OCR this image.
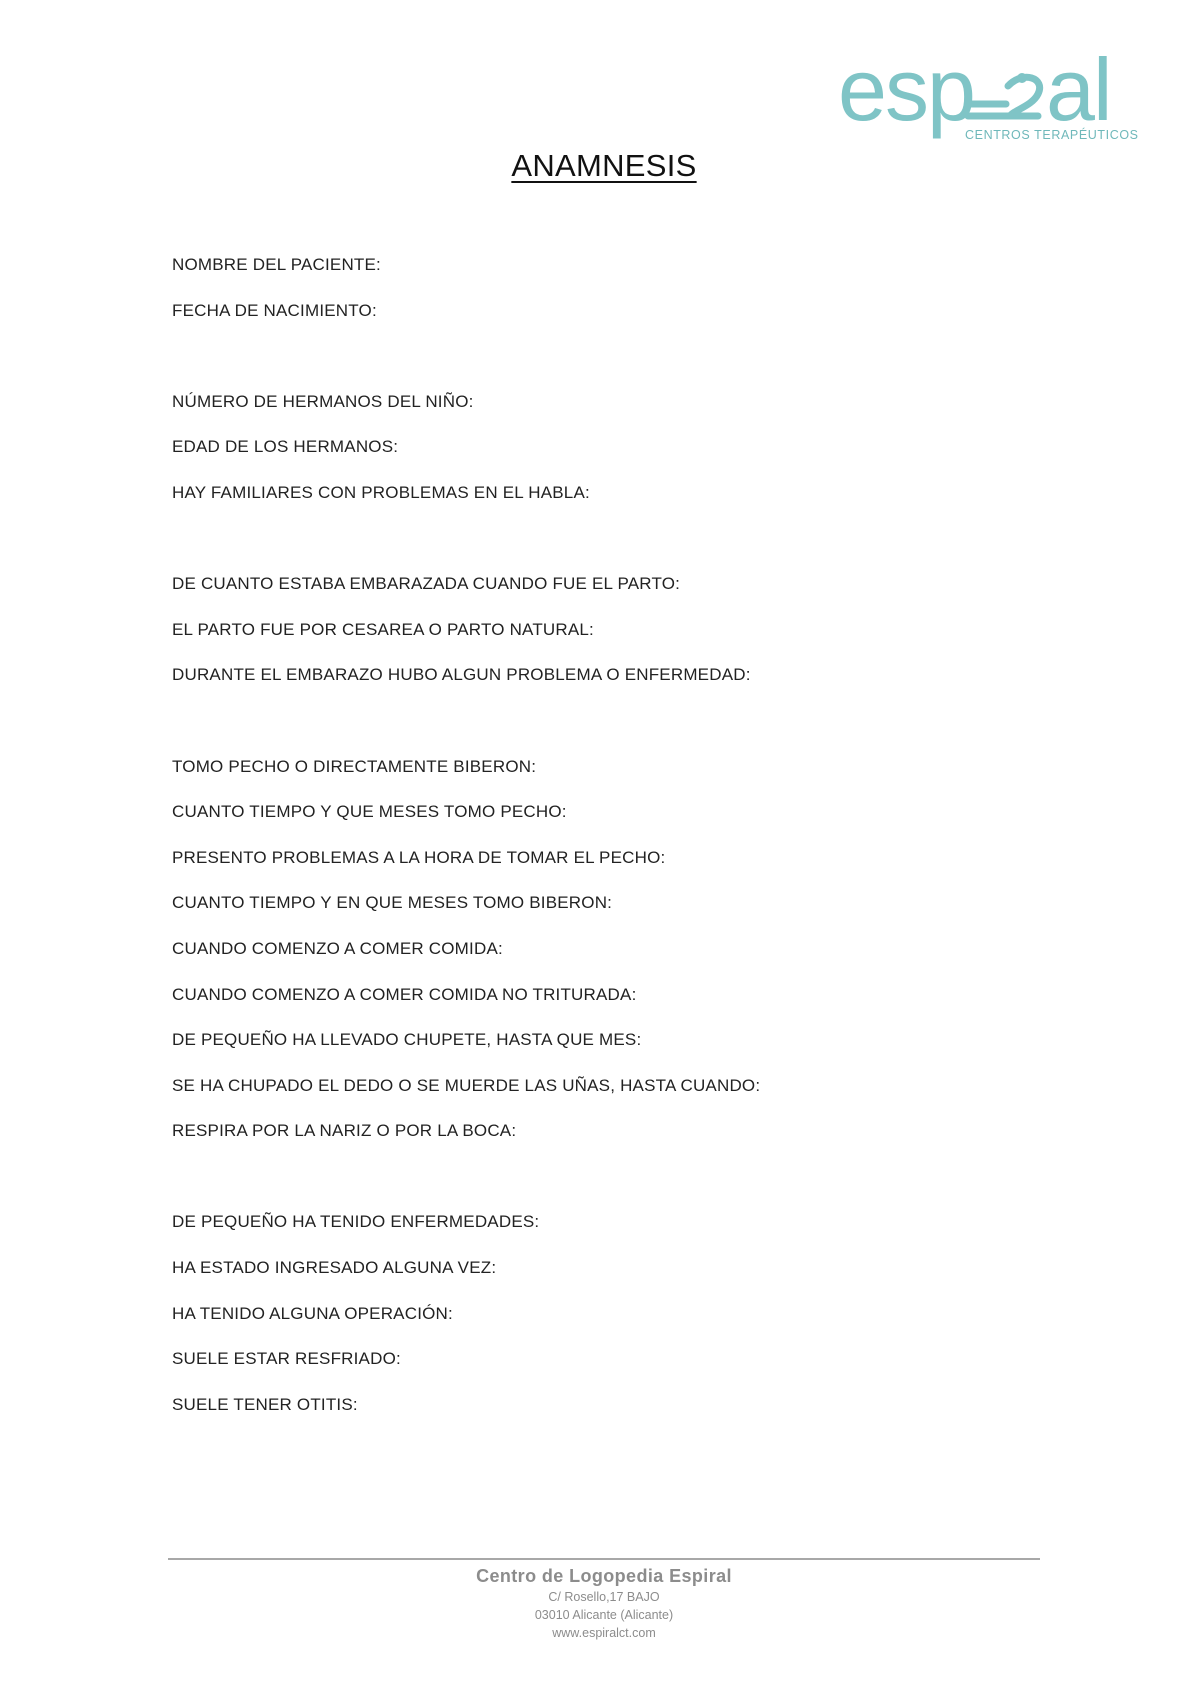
esp al
CENTROS TERAPÉUTICOS
ANAMNESIS
NOMBRE DEL PACIENTE:
FECHA DE NACIMIENTO:
NÚMERO DE HERMANOS DEL NIÑO:
EDAD DE LOS HERMANOS:
HAY FAMILIARES CON PROBLEMAS EN EL HABLA:
DE CUANTO ESTABA EMBARAZADA CUANDO FUE EL PARTO:
EL PARTO FUE POR CESAREA O PARTO NATURAL:
DURANTE EL EMBARAZO HUBO ALGUN PROBLEMA O ENFERMEDAD:
TOMO PECHO O DIRECTAMENTE BIBERON:
CUANTO TIEMPO Y QUE MESES TOMO PECHO:
PRESENTO PROBLEMAS A LA HORA DE TOMAR EL PECHO:
CUANTO TIEMPO Y EN QUE MESES TOMO BIBERON:
CUANDO COMENZO A COMER COMIDA:
CUANDO COMENZO A COMER COMIDA NO TRITURADA:
DE PEQUEÑO HA LLEVADO CHUPETE, HASTA QUE MES:
SE HA CHUPADO EL DEDO O SE MUERDE LAS UÑAS, HASTA CUANDO:
RESPIRA POR LA NARIZ O POR LA BOCA:
DE PEQUEÑO HA TENIDO ENFERMEDADES:
HA ESTADO INGRESADO ALGUNA VEZ:
HA TENIDO ALGUNA OPERACIÓN:
SUELE ESTAR RESFRIADO:
SUELE TENER OTITIS:
Centro de Logopedia Espiral
C/ Rosello,17 BAJO
03010 Alicante (Alicante)
www.espiralct.com
